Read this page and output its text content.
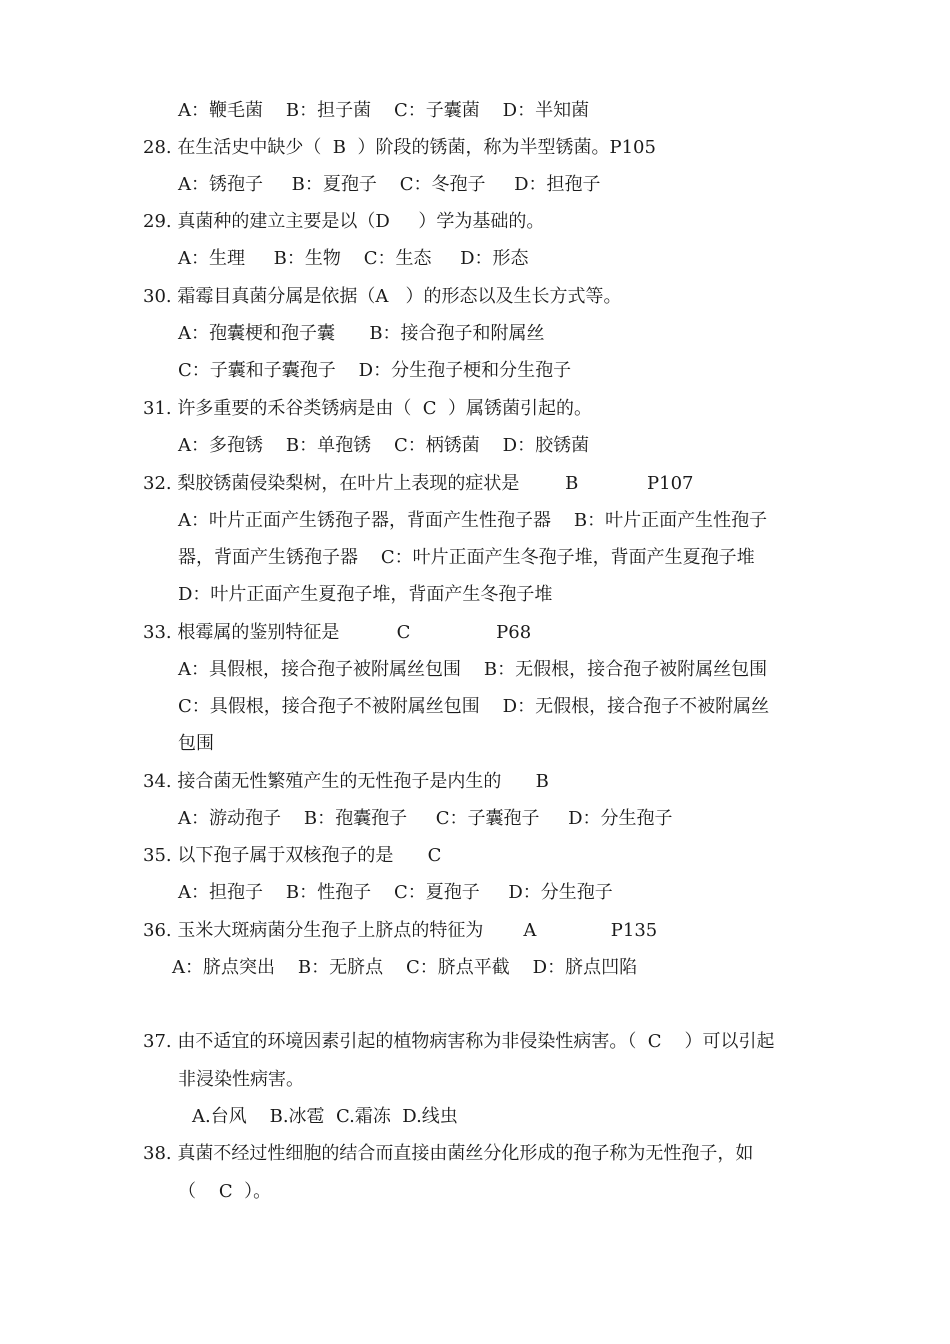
A：鞭毛菌    B：担子菌    C：子囊菌    D：半知菌
28. 在生活史中缺少（  B  ）阶段的锈菌，称为半型锈菌。P105
A：锈孢子     B：夏孢子    C：冬孢子     D：担孢子
29. 真菌种的建立主要是以（D     ）学为基础的。
A：生理     B：生物    C：生态     D：形态
30. 霜霉目真菌分属是依据（A   ）的形态以及生长方式等。
A：孢囊梗和孢子囊      B：接合孢子和附属丝
C：子囊和子囊孢子    D：分生孢子梗和分生孢子
31. 许多重要的禾谷类锈病是由（  C  ）属锈菌引起的。
A：多孢锈    B：单孢锈    C：柄锈菌    D：胶锈菌
32. 梨胶锈菌侵染梨树，在叶片上表现的症状是        B            P107
A：叶片正面产生锈孢子器，背面产生性孢子器    B：叶片正面产生性孢子
器，背面产生锈孢子器    C：叶片正面产生冬孢子堆，背面产生夏孢子堆
D：叶片正面产生夏孢子堆，背面产生冬孢子堆
33. 根霉属的鉴别特征是          C               P68
A：具假根，接合孢子被附属丝包围    B：无假根，接合孢子被附属丝包围
C：具假根，接合孢子不被附属丝包围    D：无假根，接合孢子不被附属丝
包围
34. 接合菌无性繁殖产生的无性孢子是内生的      B
A：游动孢子    B：孢囊孢子     C：子囊孢子     D：分生孢子
35. 以下孢子属于双核孢子的是      C
A：担孢子    B：性孢子    C：夏孢子     D：分生孢子
36. 玉米大斑病菌分生孢子上脐点的特征为       A             P135
A：脐点突出    B：无脐点    C：脐点平截    D：脐点凹陷
37. 由不适宜的环境因素引起的植物病害称为非侵染性病害。（  C    ）可以引起
非浸染性病害。
A.台风    B.冰雹  C.霜冻  D.线虫
38. 真菌不经过性细胞的结合而直接由菌丝分化形成的孢子称为无性孢子，如
（    C  ）。
